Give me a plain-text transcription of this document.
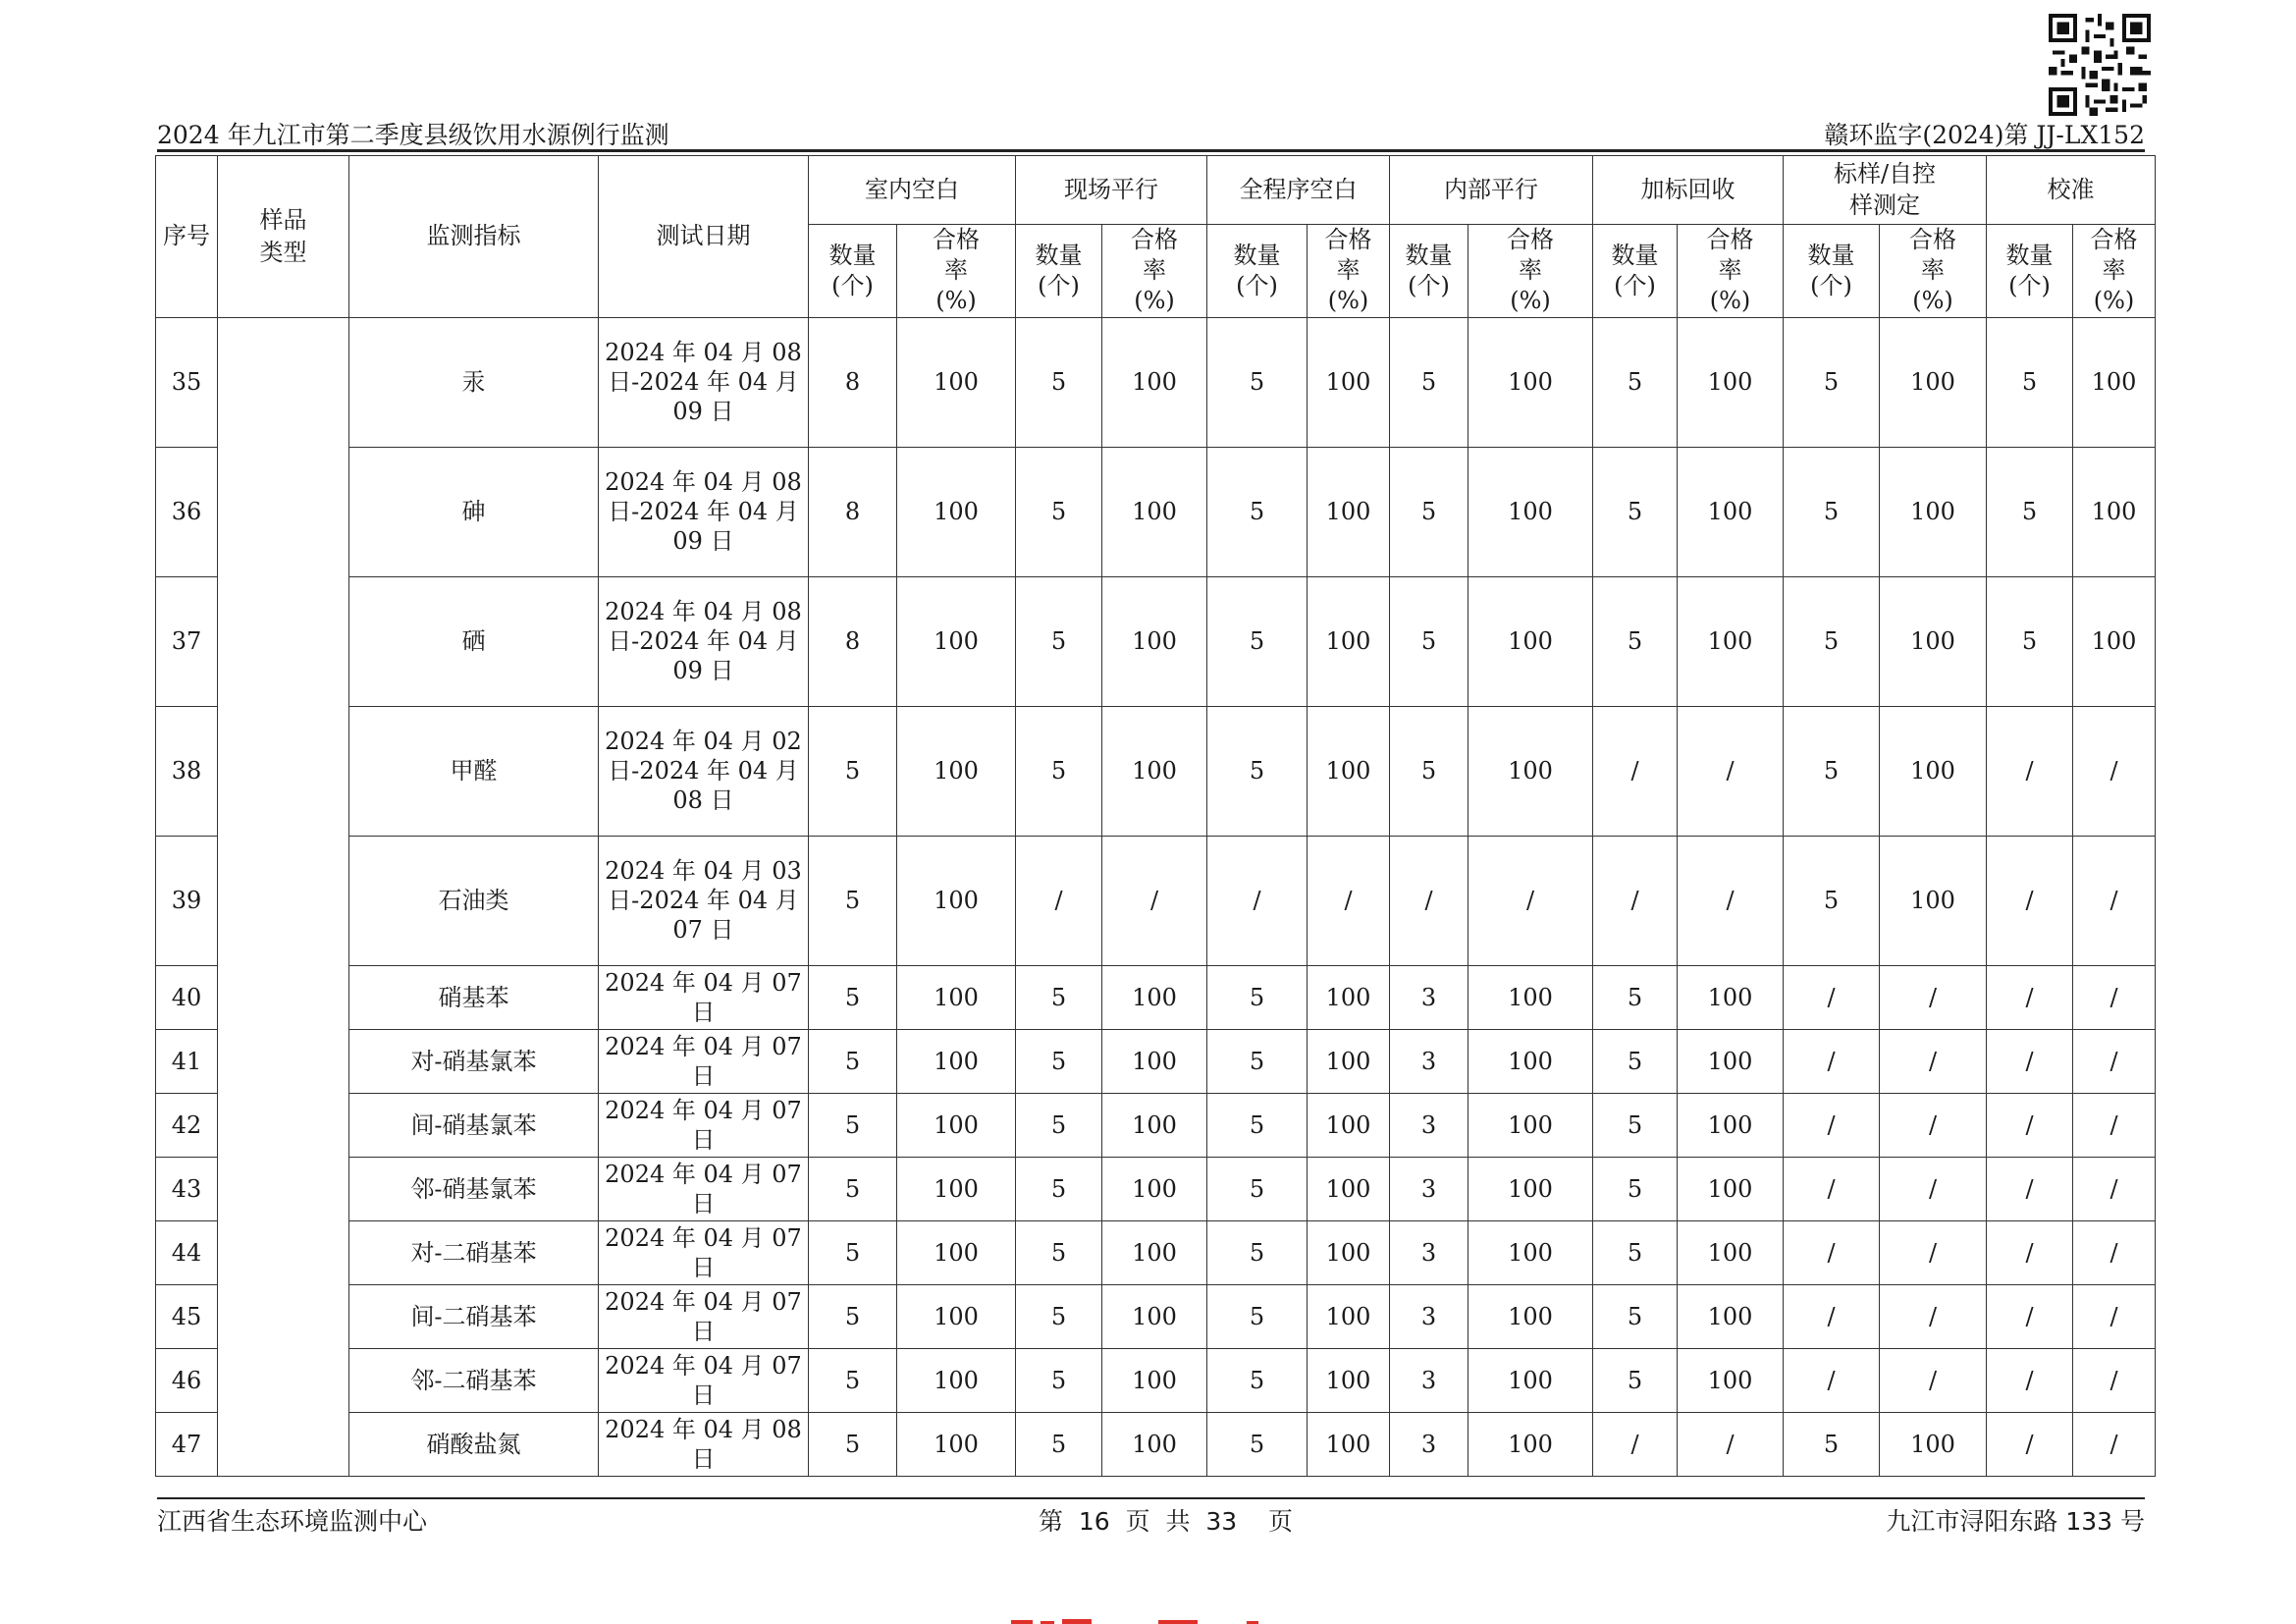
2024 年九江市第二季度县级饮用水源例行监测	赣环监字(2024)第 JJ-LX152
序号	样品类型	监测指标	测试日期	室内空白		现场平行		全程序空白		内部平行		加标回收		标样/自控样测定		校准	

				数量(个)	合格率(%)	数量(个)	合格率(%)	数量(个)	合格率(%)	数量(个)	合格率(%)	数量(个)	合格率(%)	数量(个)	合格率(%)	数量(个)	合格率(%)

35		汞	2024 年 04 月 08 日-2024 年 04 月 09 日	8	100	5	100	5	100	5	100	5	100	5	100	5	100
36		砷	2024 年 04 月 08 日-2024 年 04 月 09 日	8	100	5	100	5	100	5	100	5	100	5	100	5	100
37		硒	2024 年 04 月 08 日-2024 年 04 月 09 日	8	100	5	100	5	100	5	100	5	100	5	100	5	100
38		甲醛	2024 年 04 月 02 日-2024 年 04 月 08 日	5	100	5	100	5	100	5	100	/	/	5	100	/	/
39		石油类	2024 年 04 月 03 日-2024 年 04 月 07 日	5	100	/	/	/	/	/	/	/	/	5	100	/	/
40		硝基苯	2024 年 04 月 07 日	5	100	5	100	5	100	3	100	5	100	/	/	/	/
41		对-硝基氯苯	2024 年 04 月 07 日	5	100	5	100	5	100	3	100	5	100	/	/	/	/
42		间-硝基氯苯	2024 年 04 月 07 日	5	100	5	100	5	100	3	100	5	100	/	/	/	/
43		邻-硝基氯苯	2024 年 04 月 07 日	5	100	5	100	5	100	3	100	5	100	/	/	/	/
44		对-二硝基苯	2024 年 04 月 07 日	5	100	5	100	5	100	3	100	5	100	/	/	/	/
45		间-二硝基苯	2024 年 04 月 07 日	5	100	5	100	5	100	3	100	5	100	/	/	/	/
46		邻-二硝基苯	2024 年 04 月 07 日	5	100	5	100	5	100	3	100	5	100	/	/	/	/
47		硝酸盐氮	2024 年 04 月 08 日	5	100	5	100	5	100	3	100	/	/	5	100	/	/
江西省生态环境监测中心	第  16  页  共  33    页	九江市浔阳东路 133 号
